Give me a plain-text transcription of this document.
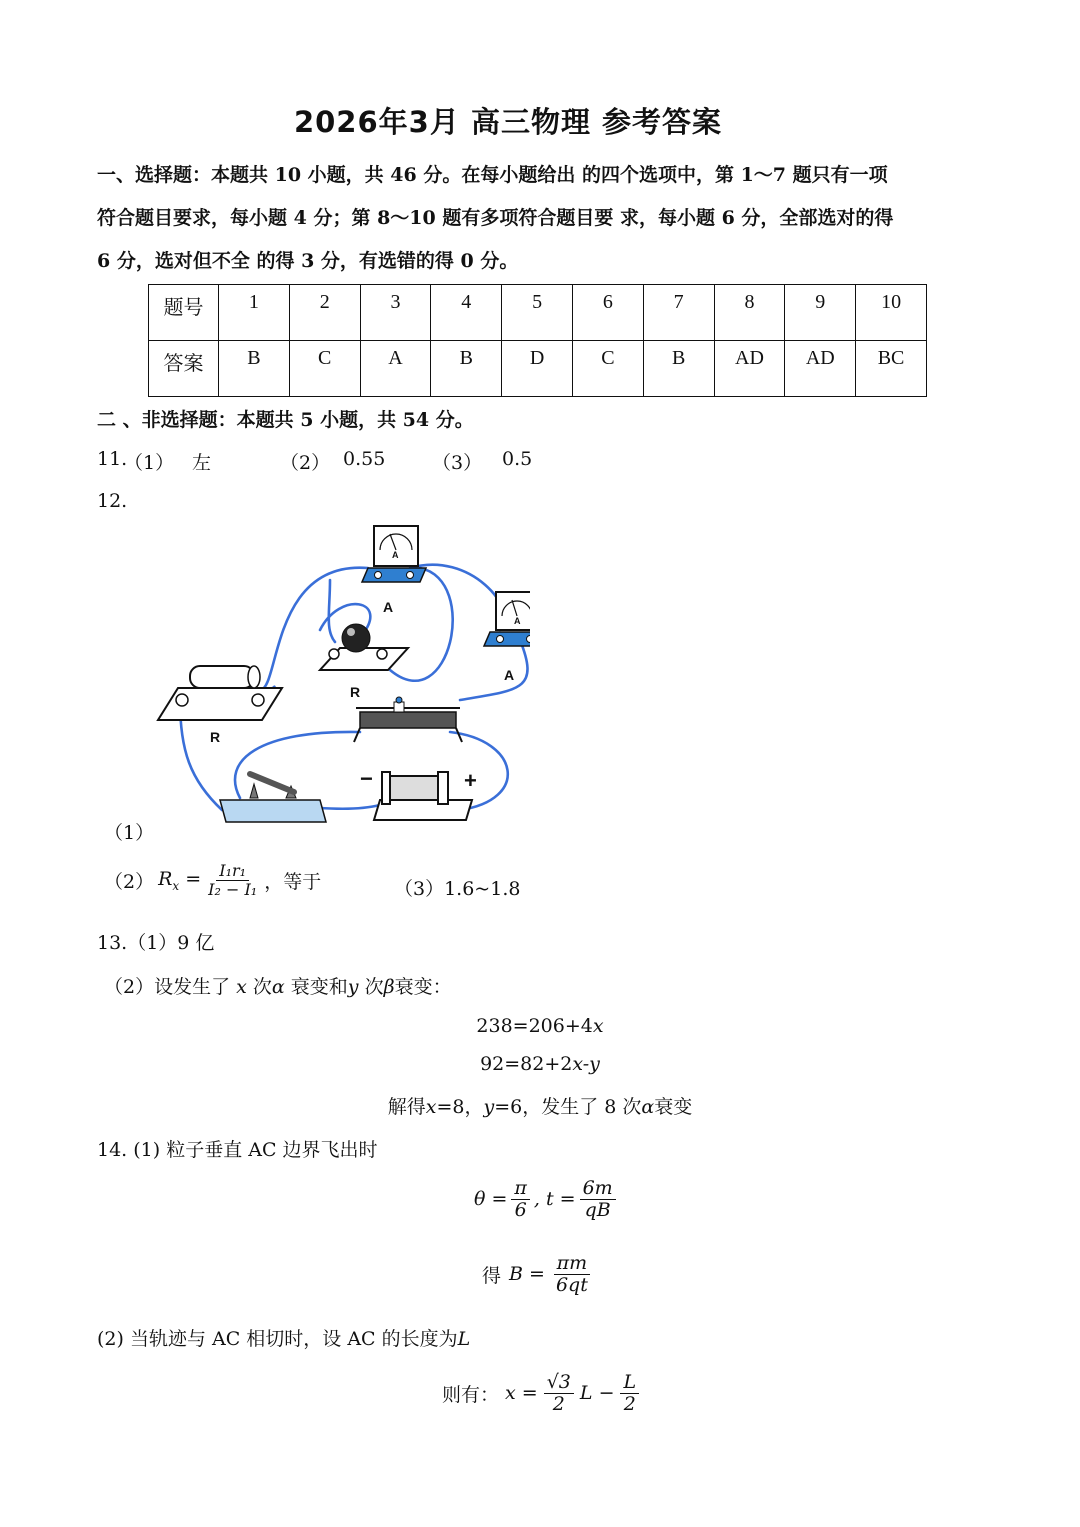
2026年3月 高三物理 参考答案
一、选择题：本题共 10 小题，共 46 分。在每小题给出 的四个选项中，第 1～7 题只有一项
符合题目要求，每小题 4 分；第 8～10 题有多项符合题目要 求，每小题 6 分，全部选对的得
6 分，选对但不全 的得 3 分，有选错的得 0 分。
题号	1	2	3	4	5	6	7	8	9	10
答案	B	C	A	B	D	C	B	AD	AD	BC
二 、非选择题：本题共 5 小题，共 54 分。
11.
（1） 左	（2） 0.55 （3） 0.5
12.
A
A
A
A
R
R
−	+
（1）
（2） $R_x = \frac{\text{I₁r₁}}{\text{I₂ − I₁}}$ ，等于	（3）1.6~1.8
13.（1）9 亿
（2）设发生了 x 次α 衰变和y 次β衰变：
238=206+4x
92=82+2x-y
解得x=8，y=6，发生了 8 次α衰变
14. (1) 粒子垂直 AC 边界飞出时
$\theta = \frac{\pi}{6}$ , $t = \frac{6m}{qB}$
得 $B = \frac{\pi m}{6qt}$
(2) 当轨迹与 AC 相切时，设 AC 的长度为L
则有： $x = \frac{√3}{2}$ $L - \frac{L}{2}$
